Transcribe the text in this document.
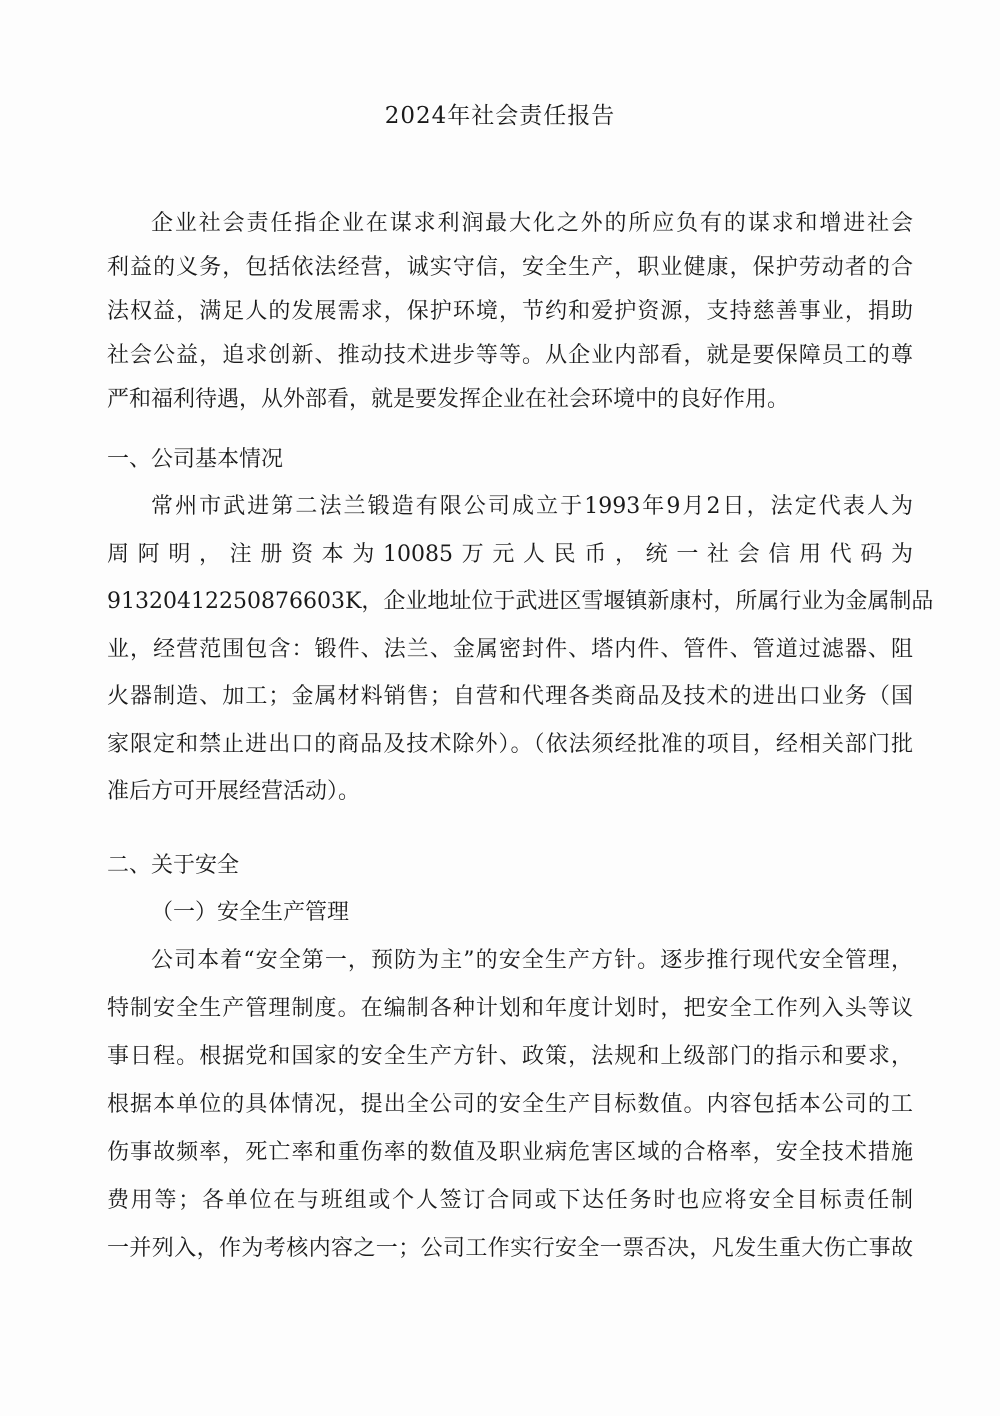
2024年社会责任报告
企业社会责任指企业在谋求利润最大化之外的所应负有的谋求和增进社会
利益的义务，包括依法经营，诚实守信，安全生产，职业健康，保护劳动者的合
法权益，满足人的发展需求，保护环境，节约和爱护资源，支持慈善事业，捐助
社会公益，追求创新、推动技术进步等等。从企业内部看，就是要保障员工的尊
严和福利待遇，从外部看，就是要发挥企业在社会环境中的良好作用。
一、公司基本情况
常州市武进第二法兰锻造有限公司成立于1993年9月2日，法定代表人为
周阿明，注册资本为10085万元人民币，统一社会信用代码为
91320412250876603K，企业地址位于武进区雪堰镇新康村，所属行业为金属制品
业，经营范围包含：锻件、法兰、金属密封件、塔内件、管件、管道过滤器、阻
火器制造、加工；金属材料销售；自营和代理各类商品及技术的进出口业务（国
家限定和禁止进出口的商品及技术除外）。（依法须经批准的项目，经相关部门批
准后方可开展经营活动）。
二、关于安全
（一）安全生产管理
公司本着“安全第一，预防为主”的安全生产方针。逐步推行现代安全管理，
特制安全生产管理制度。在编制各种计划和年度计划时，把安全工作列入头等议
事日程。根据党和国家的安全生产方针、政策，法规和上级部门的指示和要求，
根据本单位的具体情况，提出全公司的安全生产目标数值。内容包括本公司的工
伤事故频率，死亡率和重伤率的数值及职业病危害区域的合格率，安全技术措施
费用等；各单位在与班组或个人签订合同或下达任务时也应将安全目标责任制
一并列入，作为考核内容之一；公司工作实行安全一票否决，凡发生重大伤亡事故
